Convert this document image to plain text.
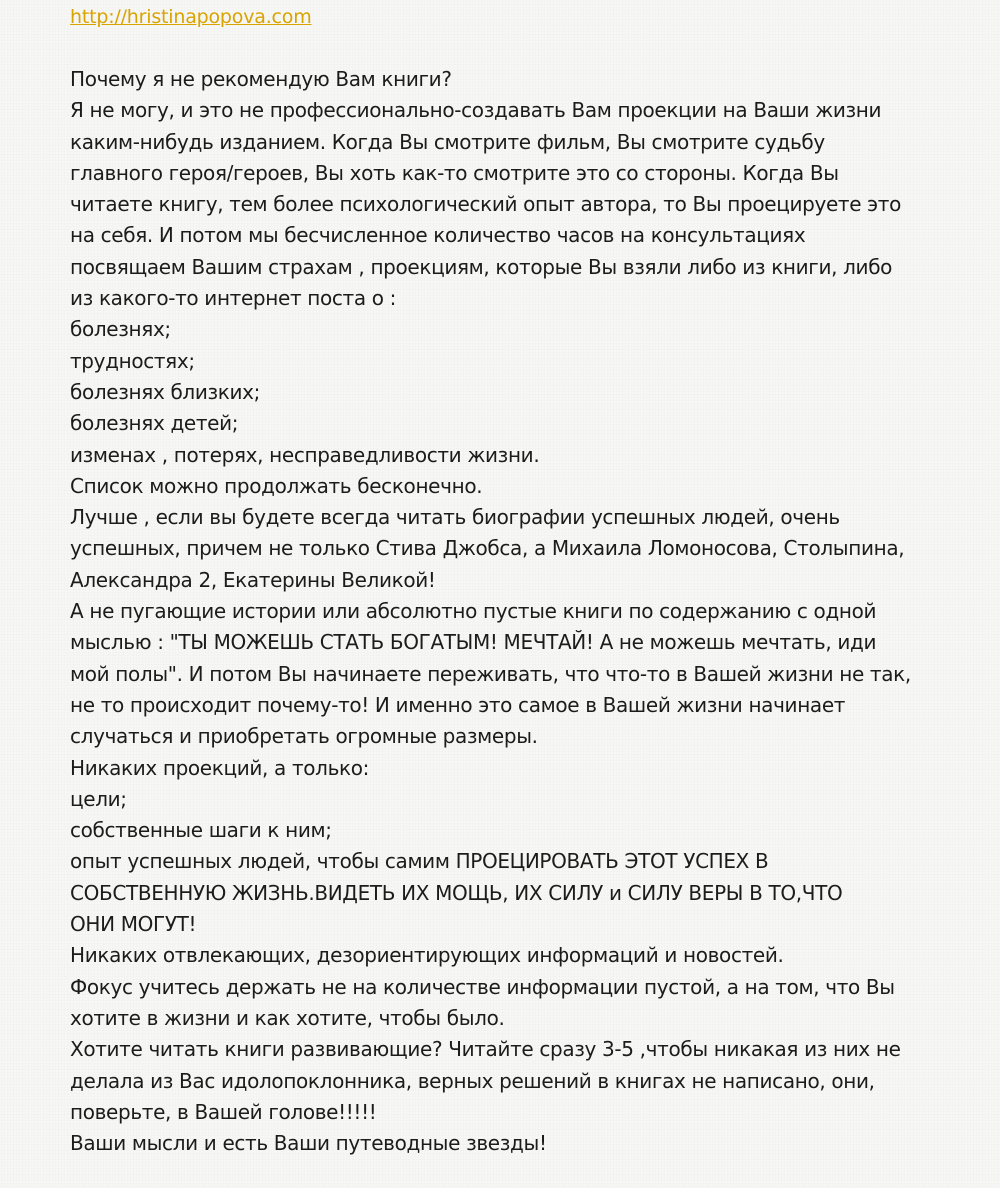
http://hristinapopova.com
Почему я не рекомендую Вам книги?
Я не могу, и это не профессионально-создавать Вам проекции на Ваши жизни
каким-нибудь изданием. Когда Вы смотрите фильм, Вы смотрите судьбу
главного героя/героев, Вы хоть как-то смотрите это со стороны. Когда Вы
читаете книгу, тем более психологический опыт автора, то Вы проецируете это
на себя. И потом мы бесчисленное количество часов на консультациях
посвящаем Вашим страхам , проекциям, которые Вы взяли либо из книги, либо
из какого-то интернет поста о :
болезнях;
трудностях;
болезнях близких;
болезнях детей;
изменах , потерях, несправедливости жизни.
Список можно продолжать бесконечно.
Лучше , если вы будете всегда читать биографии успешных людей, очень
успешных, причем не только Стива Джобса, а Михаила Ломоносова, Столыпина,
Александра 2, Екатерины Великой!
А не пугающие истории или абсолютно пустые книги по содержанию с одной
мыслью : "ТЫ МОЖЕШЬ СТАТЬ БОГАТЫМ! МЕЧТАЙ! А не можешь мечтать, иди
мой полы". И потом Вы начинаете переживать, что что-то в Вашей жизни не так,
не то происходит почему-то! И именно это самое в Вашей жизни начинает
случаться и приобретать огромные размеры.
Никаких проекций, а только:
цели;
собственные шаги к ним;
опыт успешных людей, чтобы самим ПРОЕЦИРОВАТЬ ЭТОТ УСПЕХ В
СОБСТВЕННУЮ ЖИЗНЬ.ВИДЕТЬ ИХ МОЩЬ, ИХ СИЛУ и СИЛУ ВЕРЫ В ТО,ЧТО
ОНИ МОГУТ!
Никаких отвлекающих, дезориентирующих информаций и новостей.
Фокус учитесь держать не на количестве информации пустой, а на том, что Вы
хотите в жизни и как хотите, чтобы было.
Хотите читать книги развивающие? Читайте сразу 3-5 ,чтобы никакая из них не
делала из Вас идолопоклонника, верных решений в книгах не написано, они,
поверьте, в Вашей голове!!!!!
Ваши мысли и есть Ваши путеводные звезды!
